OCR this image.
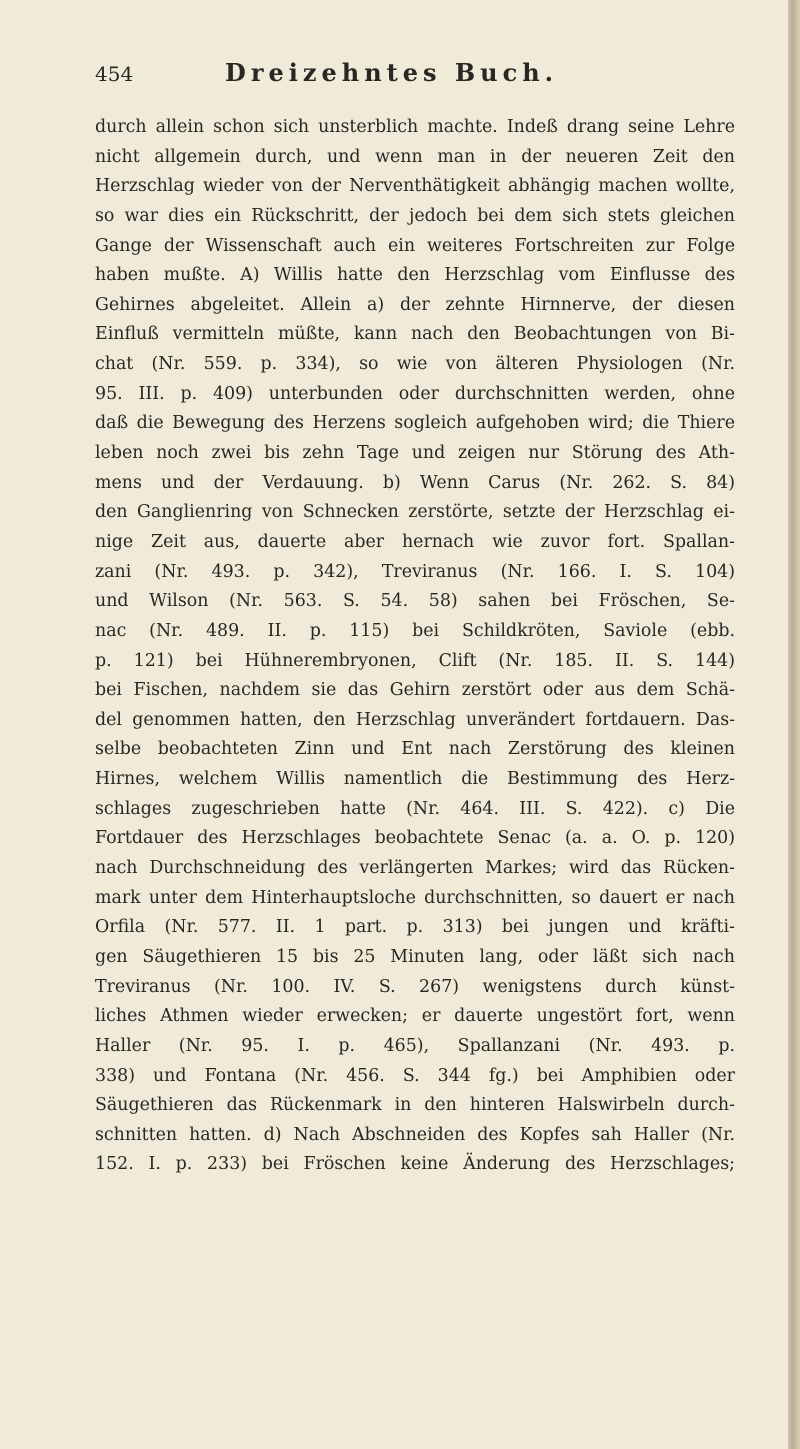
454	Dreizehntes Buch.
durch allein schon sich unsterblich machte. Indeß drang seine Lehre
nicht allgemein durch, und wenn man in der neueren Zeit den
Herzschlag wieder von der Nerventhätigkeit abhängig machen wollte,
so war dies ein Rückschritt, der jedoch bei dem sich stets gleichen
Gange der Wissenschaft auch ein weiteres Fortschreiten zur Folge
haben mußte. A) Willis hatte den Herzschlag vom Einflusse des
Gehirnes abgeleitet. Allein a) der zehnte Hirnnerve, der diesen
Einfluß vermitteln müßte, kann nach den Beobachtungen von Bi-
chat (Nr. 559. p. 334), so wie von älteren Physiologen (Nr.
95. III. p. 409) unterbunden oder durchschnitten werden, ohne
daß die Bewegung des Herzens sogleich aufgehoben wird; die Thiere
leben noch zwei bis zehn Tage und zeigen nur Störung des Ath-
mens und der Verdauung. b) Wenn Carus (Nr. 262. S. 84)
den Ganglienring von Schnecken zerstörte, setzte der Herzschlag ei-
nige Zeit aus, dauerte aber hernach wie zuvor fort. Spallan-
zani (Nr. 493. p. 342), Treviranus (Nr. 166. I. S. 104)
und Wilson (Nr. 563. S. 54. 58) sahen bei Fröschen, Se-
nac (Nr. 489. II. p. 115) bei Schildkröten, Saviole (ebb.
p. 121) bei Hühnerembryonen, Clift (Nr. 185. II. S. 144)
bei Fischen, nachdem sie das Gehirn zerstört oder aus dem Schä-
del genommen hatten, den Herzschlag unverändert fortdauern. Das-
selbe beobachteten Zinn und Ent nach Zerstörung des kleinen
Hirnes, welchem Willis namentlich die Bestimmung des Herz-
schlages zugeschrieben hatte (Nr. 464. III. S. 422). c) Die
Fortdauer des Herzschlages beobachtete Senac (a. a. O. p. 120)
nach Durchschneidung des verlängerten Markes; wird das Rücken-
mark unter dem Hinterhauptsloche durchschnitten, so dauert er nach
Orfila (Nr. 577. II. 1 part. p. 313) bei jungen und kräfti-
gen Säugethieren 15 bis 25 Minuten lang, oder läßt sich nach
Treviranus (Nr. 100. IV. S. 267) wenigstens durch künst-
liches Athmen wieder erwecken; er dauerte ungestört fort, wenn
Haller (Nr. 95. I. p. 465), Spallanzani (Nr. 493. p.
338) und Fontana (Nr. 456. S. 344 fg.) bei Amphibien oder
Säugethieren das Rückenmark in den hinteren Halswirbeln durch-
schnitten hatten. d) Nach Abschneiden des Kopfes sah Haller (Nr.
152. I. p. 233) bei Fröschen keine Änderung des Herzschlages;
